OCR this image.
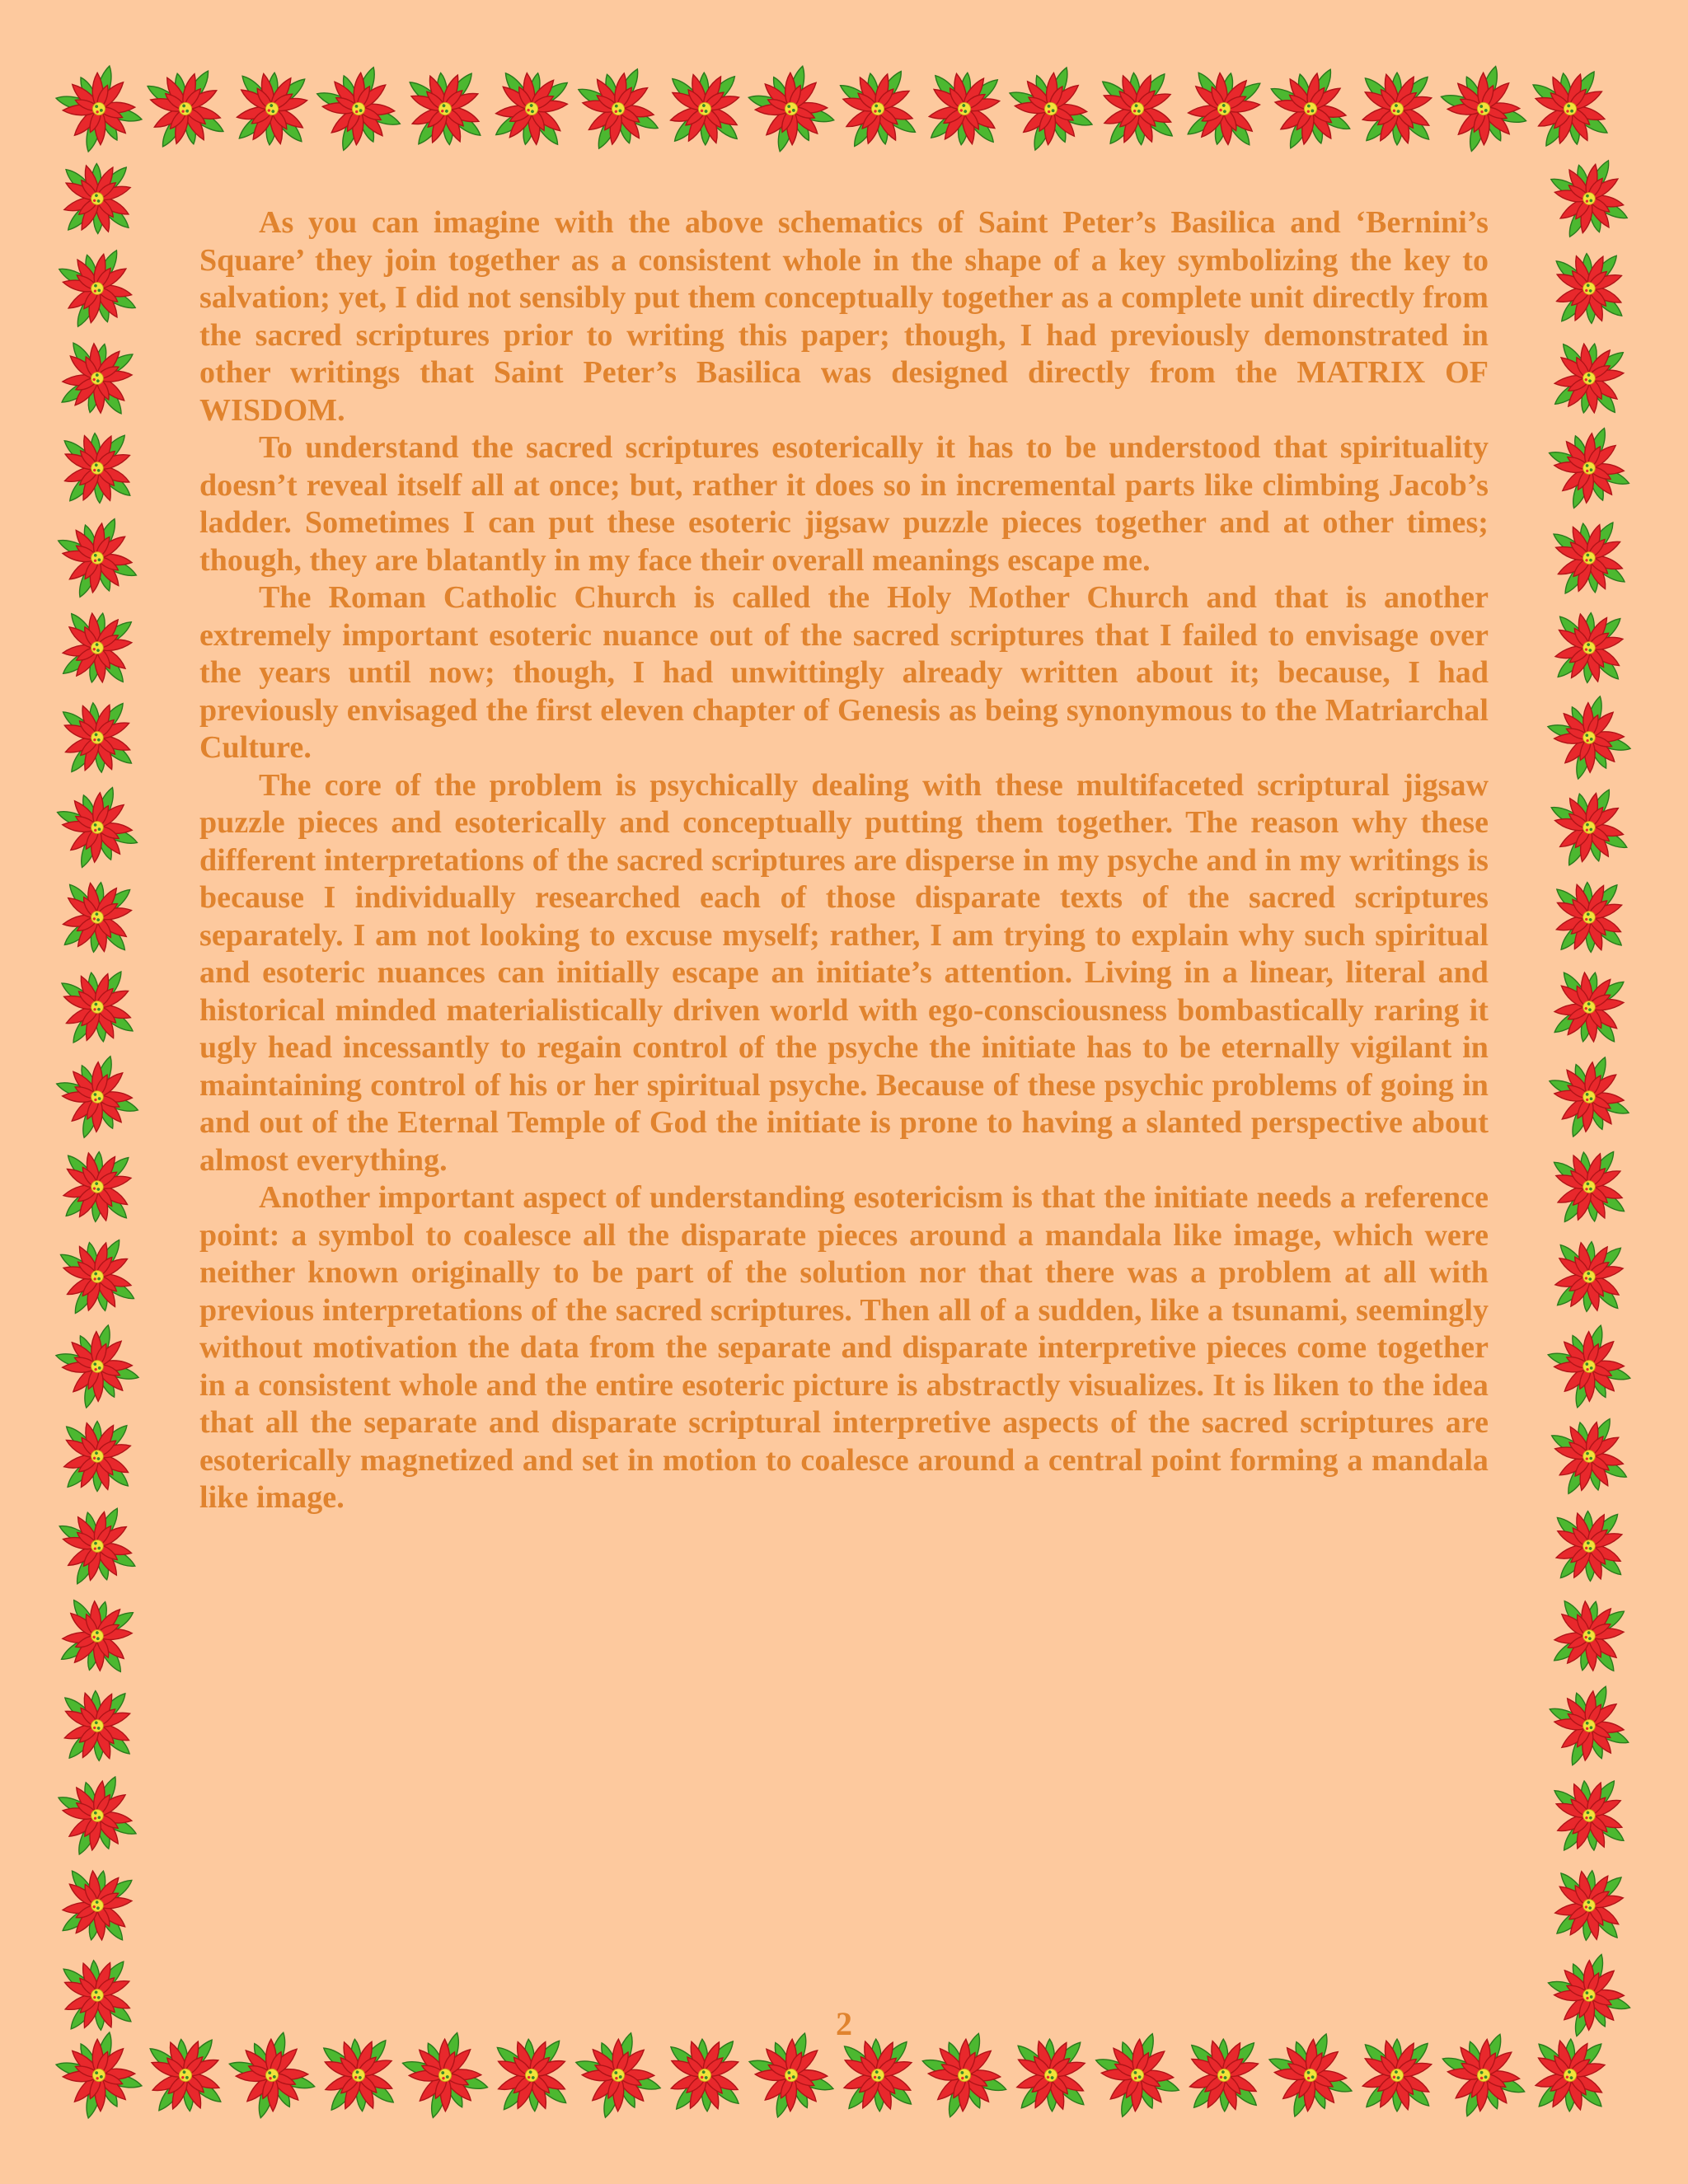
As you can imagine with the above schematics of Saint Peter’s Basilica and ‘Bernini’s Square’ they join together as a consistent whole in the shape of a key symbolizing the key to salvation; yet, I did not sensibly put them conceptually together as a complete unit directly from the sacred scriptures prior to writing this paper; though, I had previously demonstrated in other writings that Saint Peter’s Basilica was designed directly from the MATRIX OF WISDOM.

To understand the sacred scriptures esoterically it has to be understood that spirituality doesn’t reveal itself all at once; but, rather it does so in incremental parts like climbing Jacob’s ladder. Sometimes I can put these esoteric jigsaw puzzle pieces together and at other times; though, they are blatantly in my face their overall meanings escape me.

The Roman Catholic Church is called the Holy Mother Church and that is another extremely important esoteric nuance out of the sacred scriptures that I failed to envisage over the years until now; though, I had unwittingly already written about it; because, I had previously envisaged the first eleven chapter of Genesis as being synonymous to the Matriarchal Culture.

The core of the problem is psychically dealing with these multifaceted scriptural jigsaw puzzle pieces and esoterically and conceptually putting them together. The reason why these different interpretations of the sacred scriptures are disperse in my psyche and in my writings is because I individually researched each of those disparate texts of the sacred scriptures separately. I am not looking to excuse myself; rather, I am trying to explain why such spiritual and esoteric nuances can initially escape an initiate’s attention. Living in a linear, literal and historical minded materialistically driven world with ego-consciousness bombastically raring it ugly head incessantly to regain control of the psyche the initiate has to be eternally vigilant in maintaining control of his or her spiritual psyche. Because of these psychic problems of going in and out of the Eternal Temple of God the initiate is prone to having a slanted perspective about almost everything.

Another important aspect of understanding esotericism is that the initiate needs a reference point: a symbol to coalesce all the disparate pieces around a mandala like image, which were neither known originally to be part of the solution nor that there was a problem at all with previous interpretations of the sacred scriptures. Then all of a sudden, like a tsunami, seemingly without motivation the data from the separate and disparate interpretive pieces come together in a consistent whole and the entire esoteric picture is abstractly visualizes. It is liken to the idea that all the separate and disparate scriptural interpretive aspects of the sacred scriptures are esoterically magnetized and set in motion to coalesce around a central point forming a mandala like image.

2
